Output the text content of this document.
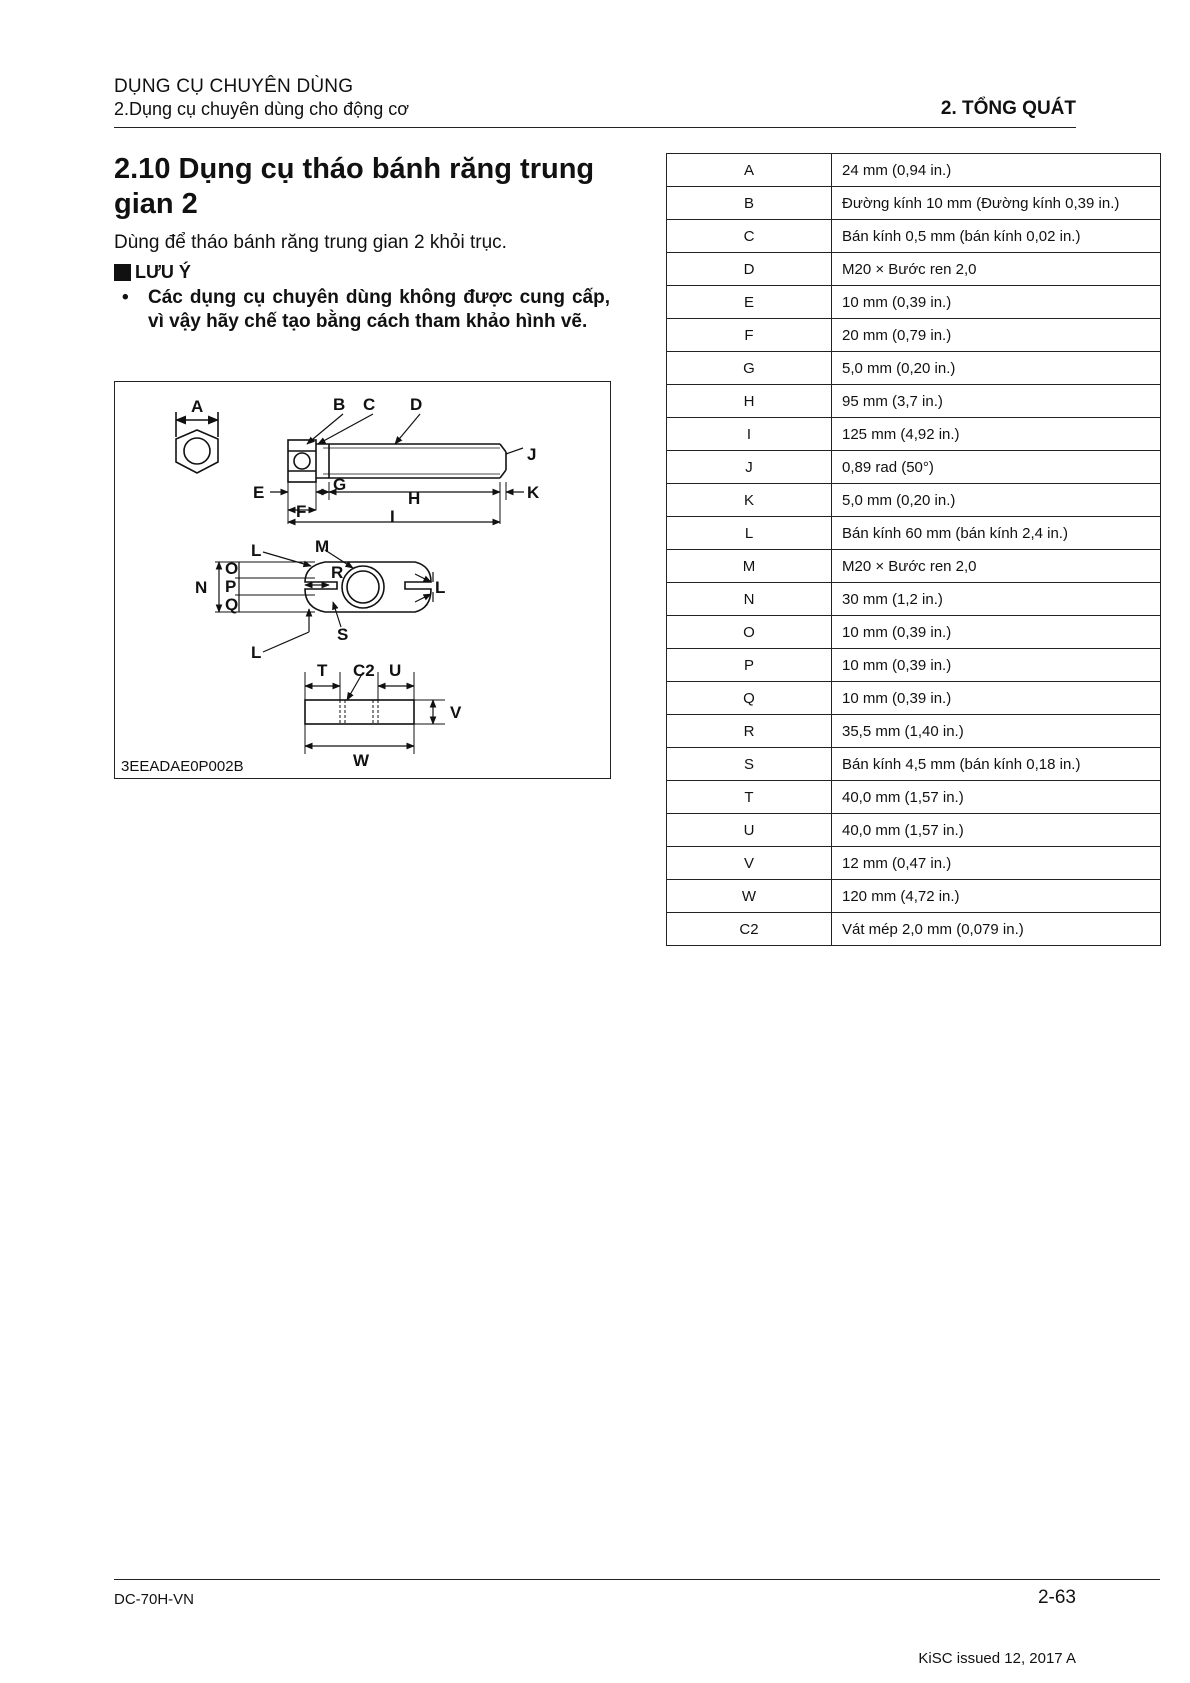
DỤNG CỤ CHUYÊN DÙNG
2.Dụng cụ chuyên dùng cho động cơ	2. TỔNG QUÁT
2.10 Dụng cụ tháo bánh răng trung gian 2
Dùng để tháo bánh răng trung gian 2 khỏi trục.
LƯU Ý
•	Các dụng cụ chuyên dùng không được cung cấp, vì vậy hãy chế tạo bằng cách tham khảo hình vẽ.
A	B C D
J
E
F
G
H	K
I
L	M
O
N P
Q
R
L
S
L
T C2 U
V
W
3EEADAE0P002B
A	24 mm (0,94 in.)
B	Đường kính 10 mm (Đường kính 0,39 in.)
C	Bán kính 0,5 mm (bán kính 0,02 in.)
D	M20 × Bước ren 2,0
E	10 mm (0,39 in.)
F	20 mm (0,79 in.)
G	5,0 mm (0,20 in.)
H	95 mm (3,7 in.)
I	125 mm (4,92 in.)
J	0,89 rad (50°)
K	5,0 mm (0,20 in.)
L	Bán kính 60 mm (bán kính 2,4 in.)
M	M20 × Bước ren 2,0
N	30 mm (1,2 in.)
O	10 mm (0,39 in.)
P	10 mm (0,39 in.)
Q	10 mm (0,39 in.)
R	35,5 mm (1,40 in.)
S	Bán kính 4,5 mm (bán kính 0,18 in.)
T	40,0 mm (1,57 in.)
U	40,0 mm (1,57 in.)
V	12 mm (0,47 in.)
W	120 mm (4,72 in.)
C2	Vát mép 2,0 mm (0,079 in.)
DC-70H-VN	2-63
KiSC issued 12, 2017 A
